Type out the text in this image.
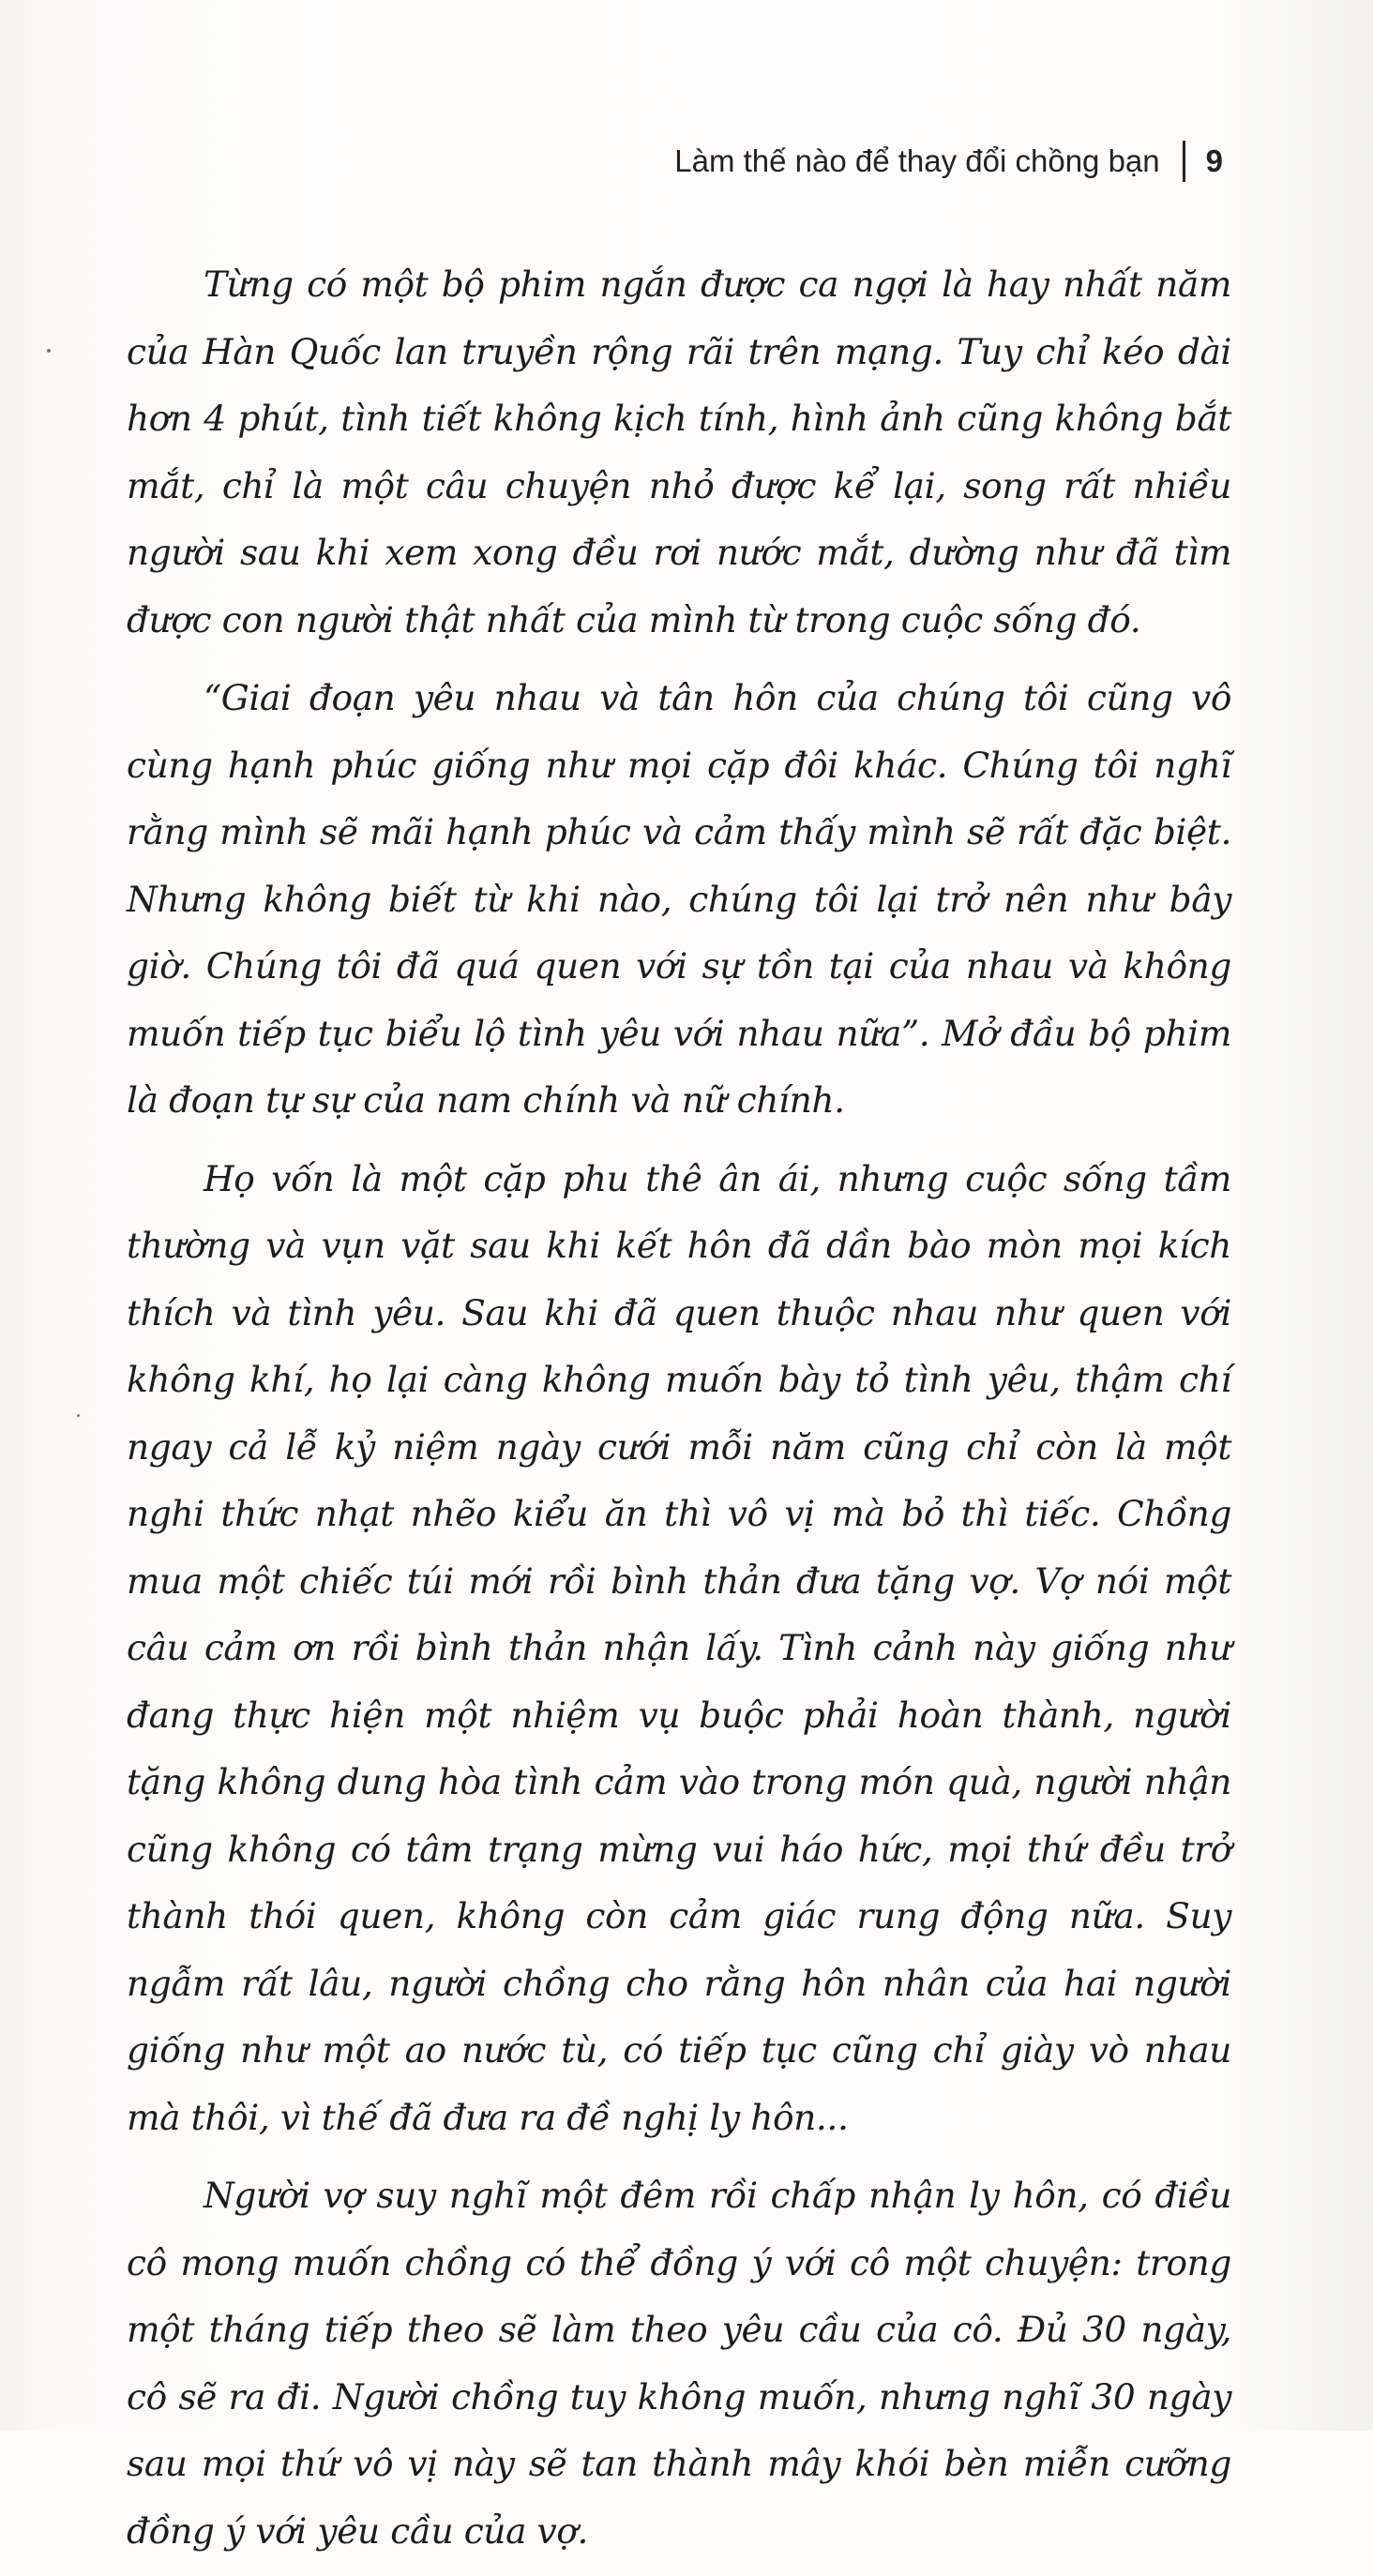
Làm thế nào để thay đổi chồng bạn 9

Từng có một bộ phim ngắn được ca ngợi là hay nhất năm của Hàn Quốc lan truyền rộng rãi trên mạng. Tuy chỉ kéo dài hơn 4 phút, tình tiết không kịch tính, hình ảnh cũng không bắt mắt, chỉ là một câu chuyện nhỏ được kể lại, song rất nhiều người sau khi xem xong đều rơi nước mắt, dường như đã tìm được con người thật nhất của mình từ trong cuộc sống đó.

“Giai đoạn yêu nhau và tân hôn của chúng tôi cũng vô cùng hạnh phúc giống như mọi cặp đôi khác. Chúng tôi nghĩ rằng mình sẽ mãi hạnh phúc và cảm thấy mình sẽ rất đặc biệt. Nhưng không biết từ khi nào, chúng tôi lại trở nên như bây giờ. Chúng tôi đã quá quen với sự tồn tại của nhau và không muốn tiếp tục biểu lộ tình yêu với nhau nữa”. Mở đầu bộ phim là đoạn tự sự của nam chính và nữ chính.

Họ vốn là một cặp phu thê ân ái, nhưng cuộc sống tầm thường và vụn vặt sau khi kết hôn đã dần bào mòn mọi kích thích và tình yêu. Sau khi đã quen thuộc nhau như quen với không khí, họ lại càng không muốn bày tỏ tình yêu, thậm chí ngay cả lễ kỷ niệm ngày cưới mỗi năm cũng chỉ còn là một nghi thức nhạt nhẽo kiểu ăn thì vô vị mà bỏ thì tiếc. Chồng mua một chiếc túi mới rồi bình thản đưa tặng vợ. Vợ nói một câu cảm ơn rồi bình thản nhận lấy. Tình cảnh này giống như đang thực hiện một nhiệm vụ buộc phải hoàn thành, người tặng không dung hòa tình cảm vào trong món quà, người nhận cũng không có tâm trạng mừng vui háo hức, mọi thứ đều trở thành thói quen, không còn cảm giác rung động nữa. Suy ngẫm rất lâu, người chồng cho rằng hôn nhân của hai người giống như một ao nước tù, có tiếp tục cũng chỉ giày vò nhau mà thôi, vì thế đã đưa ra đề nghị ly hôn...

Người vợ suy nghĩ một đêm rồi chấp nhận ly hôn, có điều cô mong muốn chồng có thể đồng ý với cô một chuyện: trong một tháng tiếp theo sẽ làm theo yêu cầu của cô. Đủ 30 ngày, cô sẽ ra đi. Người chồng tuy không muốn, nhưng nghĩ 30 ngày sau mọi thứ vô vị này sẽ tan thành mây khói bèn miễn cưỡng đồng ý với yêu cầu của vợ.
